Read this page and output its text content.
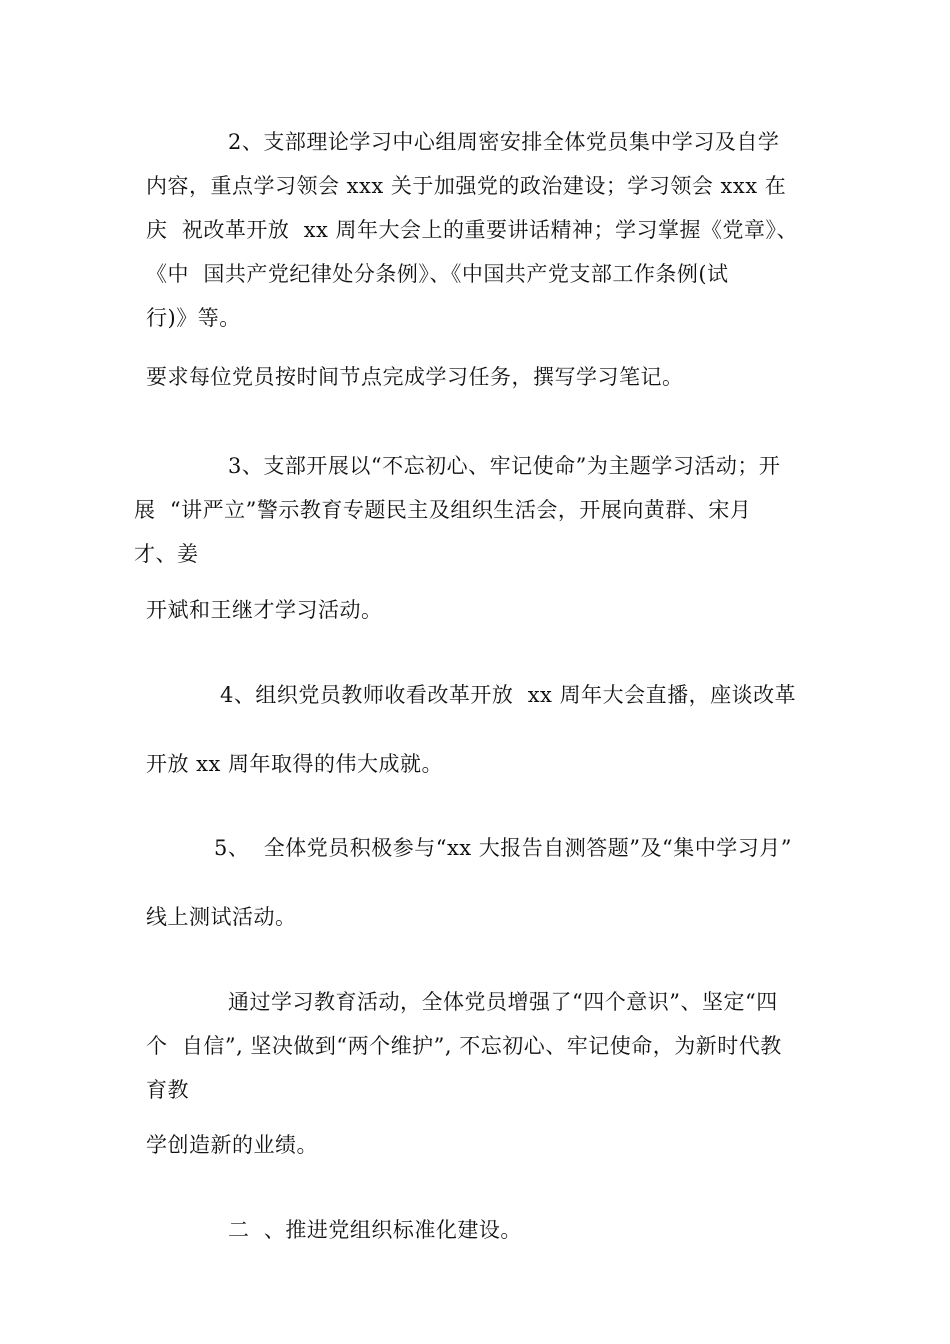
2、支部理论学习中心组周密安排全体党员集中学习及自学
内容，重点学习领会 xxx 关于加强党的政治建设；学习领会 xxx 在
庆  祝改革开放  xx 周年大会上的重要讲话精神；学习掌握《党章》、
《中  国共产党纪律处分条例》、《中国共产党支部工作条例(试
行)》等。
要求每位党员按时间节点完成学习任务，撰写学习笔记。
3、支部开展以“不忘初心、牢记使命”为主题学习活动；开
展  “讲严立”警示教育专题民主及组织生活会，开展向黄群、宋月
才、姜
开斌和王继才学习活动。
4、组织党员教师收看改革开放  xx 周年大会直播，座谈改革
开放 xx 周年取得的伟大成就。
5、  全体党员积极参与“xx 大报告自测答题”及“集中学习月”
线上测试活动。
通过学习教育活动，全体党员增强了“四个意识”、坚定“四
个  自信”, 坚决做到“两个维护”, 不忘初心、牢记使命，为新时代教
育教
学创造新的业绩。
二  、推进党组织标准化建设。
